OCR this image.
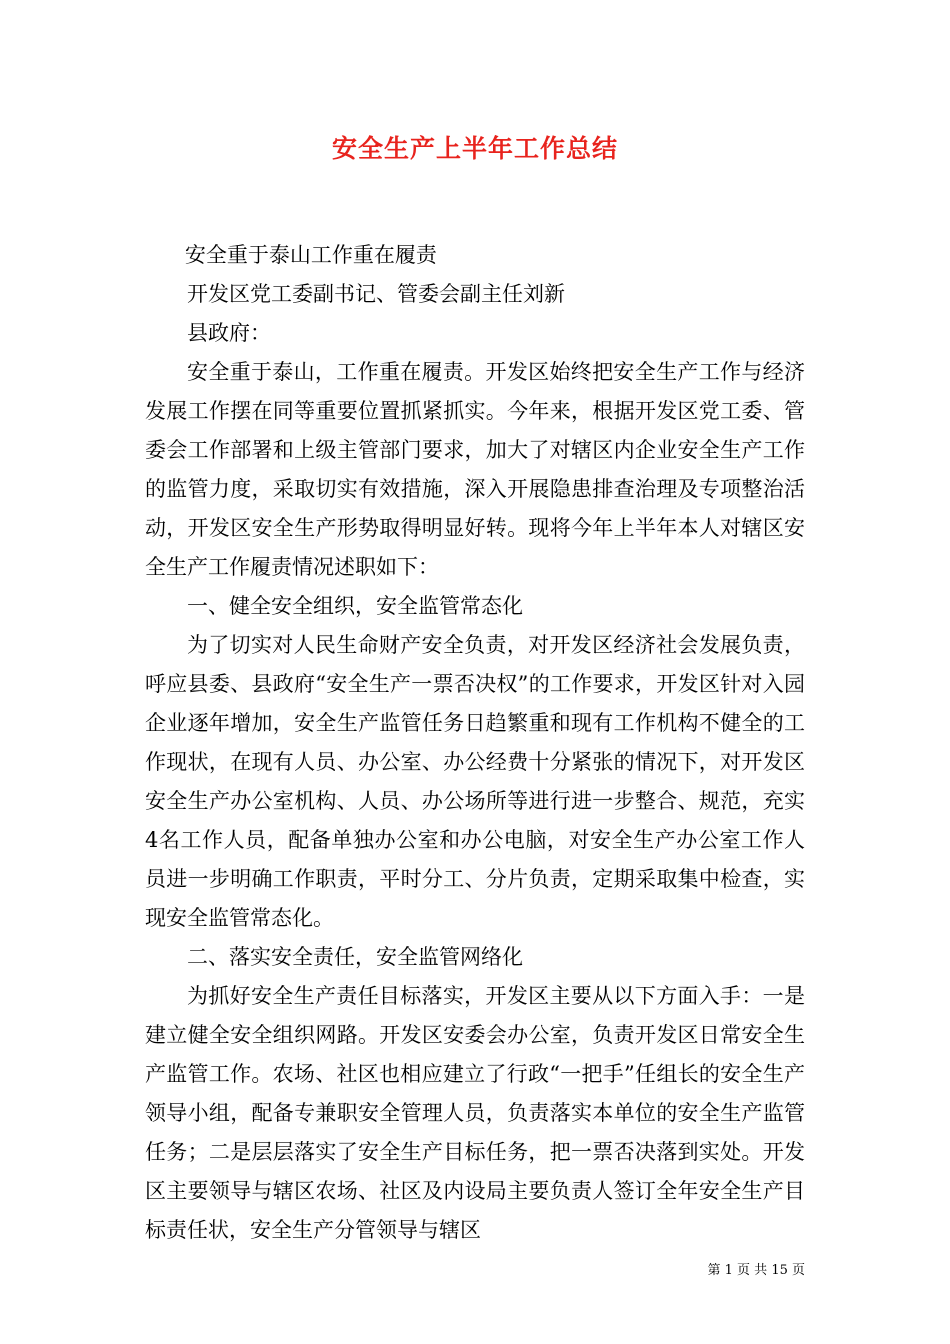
安全生产上半年工作总结

安全重于泰山工作重在履责

开发区党工委副书记、管委会副主任刘新

县政府：

安全重于泰山，工作重在履责。开发区始终把安全生产工作与经济发展工作摆在同等重要位置抓紧抓实。今年来，根据开发区党工委、管委会工作部署和上级主管部门要求，加大了对辖区内企业安全生产工作的监管力度，采取切实有效措施，深入开展隐患排查治理及专项整治活动，开发区安全生产形势取得明显好转。现将今年上半年本人对辖区安全生产工作履责情况述职如下：

一、健全安全组织，安全监管常态化

为了切实对人民生命财产安全负责，对开发区经济社会发展负责，呼应县委、县政府“安全生产一票否决权”的工作要求，开发区针对入园企业逐年增加，安全生产监管任务日趋繁重和现有工作机构不健全的工作现状，在现有人员、办公室、办公经费十分紧张的情况下，对开发区安全生产办公室机构、人员、办公场所等进行进一步整合、规范，充实4名工作人员，配备单独办公室和办公电脑，对安全生产办公室工作人员进一步明确工作职责，平时分工、分片负责，定期采取集中检查，实现安全监管常态化。

二、落实安全责任，安全监管网络化

为抓好安全生产责任目标落实，开发区主要从以下方面入手：一是建立健全安全组织网路。开发区安委会办公室，负责开发区日常安全生产监管工作。农场、社区也相应建立了行政“一把手”任组长的安全生产领导小组，配备专兼职安全管理人员，负责落实本单位的安全生产监管任务；二是层层落实了安全生产目标任务，把一票否决落到实处。开发区主要领导与辖区农场、社区及内设局主要负责人签订全年安全生产目标责任状，安全生产分管领导与辖区

第 1 页 共 15 页
